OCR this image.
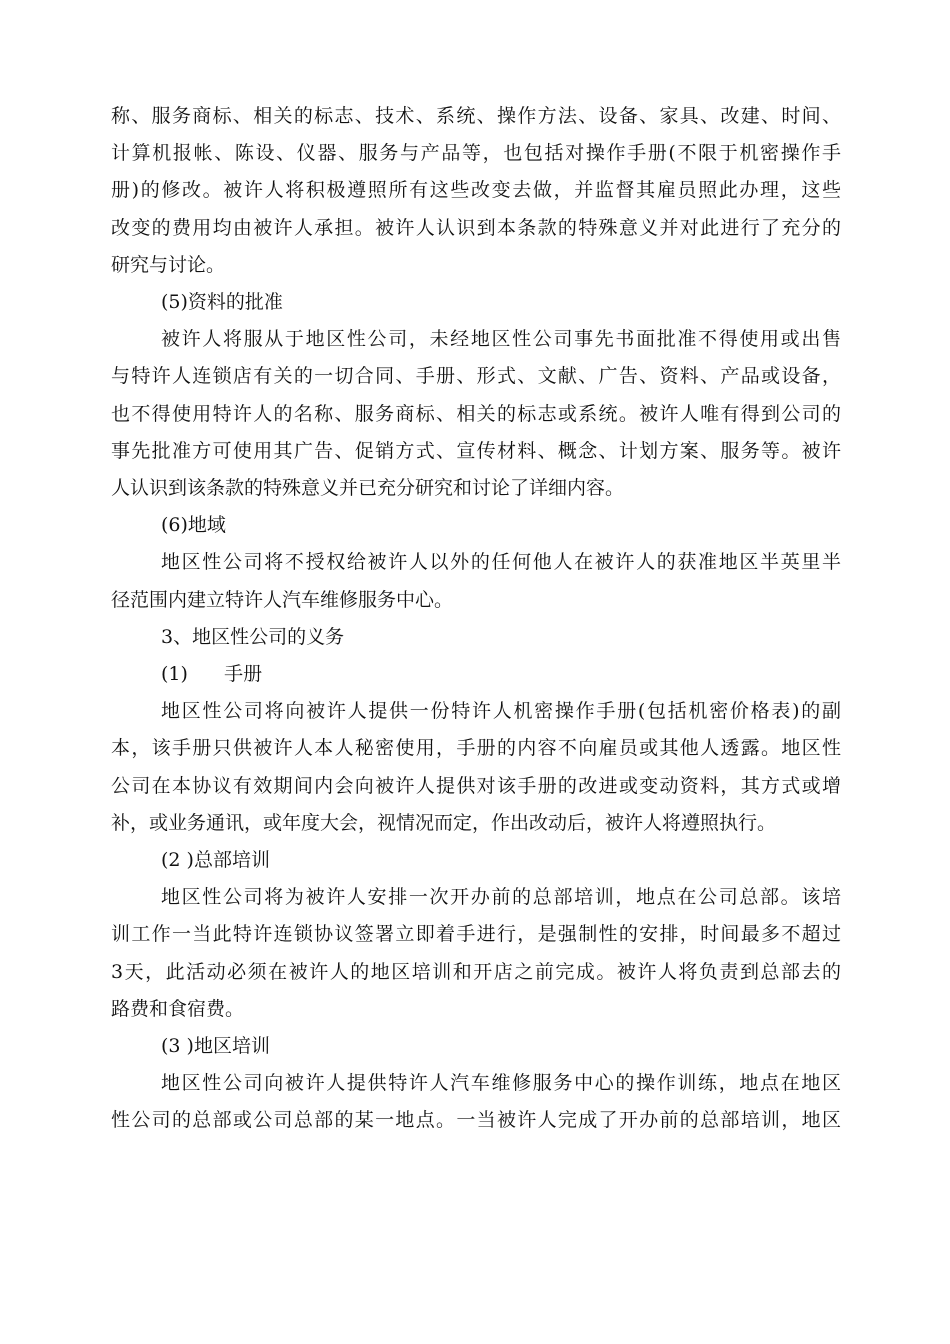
称、服务商标、相关的标志、技术、系统、操作方法、设备、家具、改建、时间、
计算机报帐、陈设、仪器、服务与产品等，也包括对操作手册(不限于机密操作手
册)的修改。被许人将积极遵照所有这些改变去做，并监督其雇员照此办理，这些
改变的费用均由被许人承担。被许人认识到本条款的特殊意义并对此进行了充分的
研究与讨论。
(5)资料的批准
被许人将服从于地区性公司，未经地区性公司事先书面批准不得使用或出售
与特许人连锁店有关的一切合同、手册、形式、文献、广告、资料、产品或设备，
也不得使用特许人的名称、服务商标、相关的标志或系统。被许人唯有得到公司的
事先批准方可使用其广告、促销方式、宣传材料、概念、计划方案、服务等。被许
人认识到该条款的特殊意义并已充分研究和讨论了详细内容。
(6)地域
地区性公司将不授权给被许人以外的任何他人在被许人的获准地区半英里半
径范围内建立特许人汽车维修服务中心。
3、地区性公司的义务
(1)      手册
地区性公司将向被许人提供一份特许人机密操作手册(包括机密价格表)的副
本，该手册只供被许人本人秘密使用，手册的内容不向雇员或其他人透露。地区性
公司在本协议有效期间内会向被许人提供对该手册的改进或变动资料，其方式或增
补，或业务通讯，或年度大会，视情况而定，作出改动后，被许人将遵照执行。
(2 )总部培训
地区性公司将为被许人安排一次开办前的总部培训，地点在公司总部。该培
训工作一当此特许连锁协议签署立即着手进行，是强制性的安排，时间最多不超过
3天，此活动必须在被许人的地区培训和开店之前完成。被许人将负责到总部去的
路费和食宿费。
(3 )地区培训
地区性公司向被许人提供特许人汽车维修服务中心的操作训练，地点在地区
性公司的总部或公司总部的某一地点。一当被许人完成了开办前的总部培训，地区
